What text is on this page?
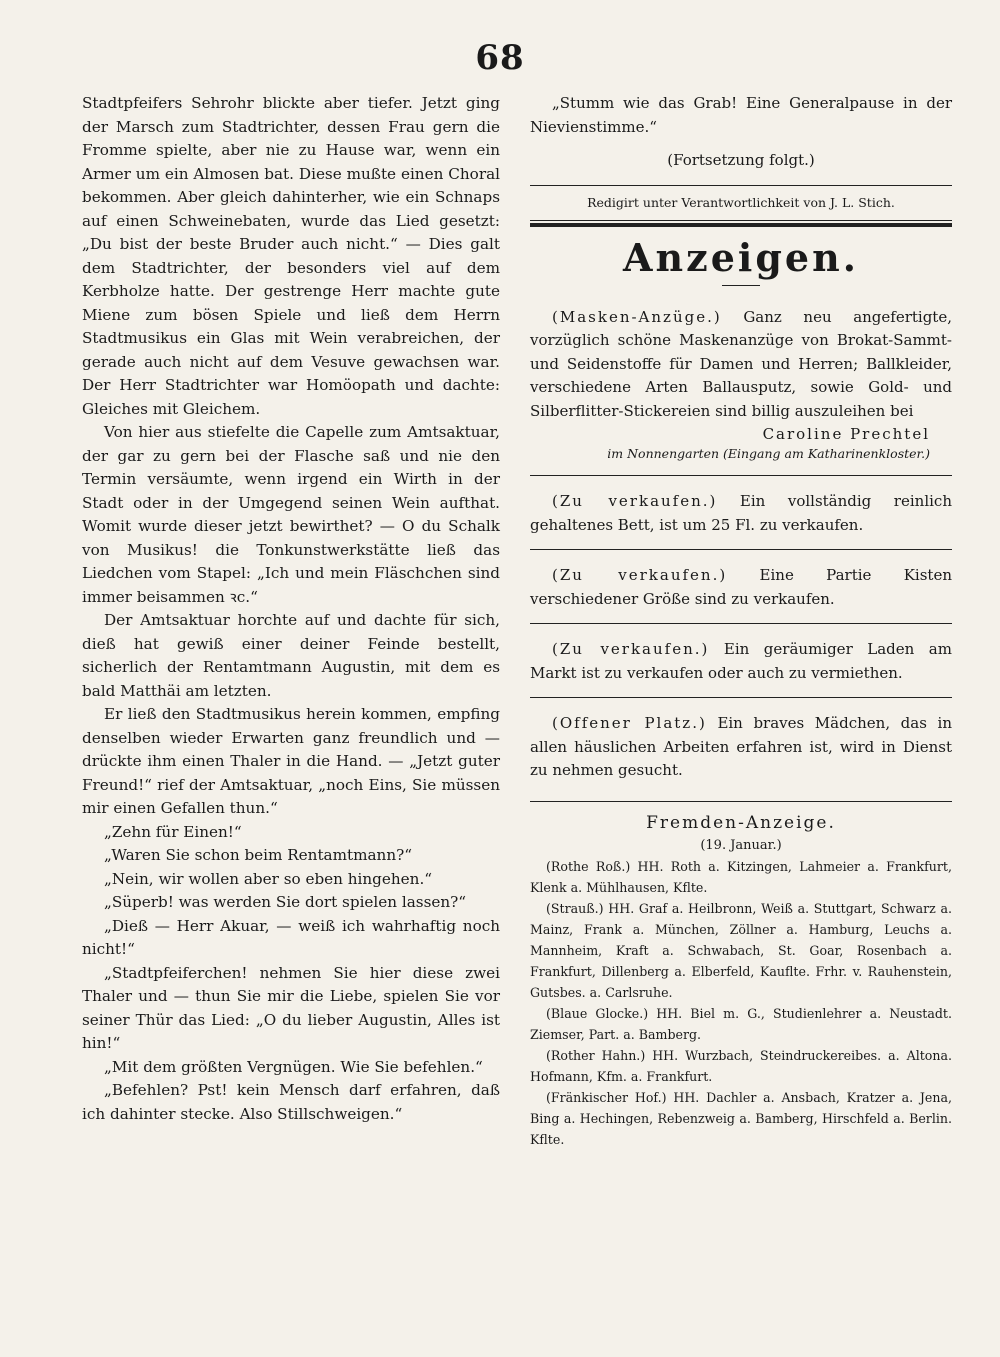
68

Stadtpfeifers Sehrohr blickte aber tiefer. Jetzt ging der Marsch zum Stadtrichter, dessen Frau gern die Fromme spielte, aber nie zu Hause war, wenn ein Armer um ein Almosen bat. Diese mußte einen Choral bekommen. Aber gleich dahinterher, wie ein Schnaps auf einen Schweinebaten, wurde das Lied gesetzt: „Du bist der beste Bruder auch nicht.“ — Dies galt dem Stadtrichter, der besonders viel auf dem Kerbholze hatte. Der gestrenge Herr machte gute Miene zum bösen Spiele und ließ dem Herrn Stadtmusikus ein Glas mit Wein verabreichen, der gerade auch nicht auf dem Vesuve gewachsen war. Der Herr Stadtrichter war Homöopath und dachte: Gleiches mit Gleichem.

Von hier aus stiefelte die Capelle zum Amtsaktuar, der gar zu gern bei der Flasche saß und nie den Termin versäumte, wenn irgend ein Wirth in der Stadt oder in der Umgegend seinen Wein aufthat. Womit wurde dieser jetzt bewirthet? — O du Schalk von Musikus! die Tonkunstwerkstätte ließ das Liedchen vom Stapel: „Ich und mein Fläschchen sind immer beisammen ꝛc.“

Der Amtsaktuar horchte auf und dachte für sich, dieß hat gewiß einer deiner Feinde bestellt, sicherlich der Rentamtmann Augustin, mit dem es bald Matthäi am letzten.

Er ließ den Stadtmusikus herein kommen, empfing denselben wieder Erwarten ganz freundlich und — drückte ihm einen Thaler in die Hand. — „Jetzt guter Freund!“ rief der Amtsaktuar, „noch Eins, Sie müssen mir einen Gefallen thun.“

„Zehn für Einen!“

„Waren Sie schon beim Rentamtmann?“

„Nein, wir wollen aber so eben hingehen.“

„Süperb! was werden Sie dort spielen lassen?“

„Dieß — Herr Akuar, — weiß ich wahrhaftig noch nicht!“

„Stadtpfeiferchen! nehmen Sie hier diese zwei Thaler und — thun Sie mir die Liebe, spielen Sie vor seiner Thür das Lied: „O du lieber Augustin, Alles ist hin!“

„Mit dem größten Vergnügen. Wie Sie befehlen.“

„Befehlen? Pst! kein Mensch darf erfahren, daß ich dahinter stecke. Also Stillschweigen.“

„Stumm wie das Grab! Eine Generalpause in der Nievienstimme.“

(Fortsetzung folgt.)

Redigirt unter Verantwortlichkeit von J. L. Stich.

Anzeigen.

(Masken-Anzüge.) Ganz neu angefertigte, vorzüglich schöne Maskenanzüge von Brokat-Sammt- und Seidenstoffe für Damen und Herren; Ballkleider, verschiedene Arten Ballausputz, sowie Gold- und Silberflitter-Stickereien sind billig auszuleihen bei

Caroline Prechtel
im Nonnengarten (Eingang am Katharinenkloster.)

(Zu verkaufen.) Ein vollständig reinlich gehaltenes Bett, ist um 25 Fl. zu verkaufen.

(Zu verkaufen.) Eine Partie Kisten verschiedener Größe sind zu verkaufen.

(Zu verkaufen.) Ein geräumiger Laden am Markt ist zu verkaufen oder auch zu vermiethen.

(Offener Platz.) Ein braves Mädchen, das in allen häuslichen Arbeiten erfahren ist, wird in Dienst zu nehmen gesucht.

Fremden-Anzeige.
(19. Januar.)

(Rothe Roß.) HH. Roth a. Kitzingen, Lahmeier a. Frankfurt, Klenk a. Mühlhausen, Kflte.

(Strauß.) HH. Graf a. Heilbronn, Weiß a. Stuttgart, Schwarz a. Mainz, Frank a. München, Zöllner a. Hamburg, Leuchs a. Mannheim, Kraft a. Schwabach, St. Goar, Rosenbach a. Frankfurt, Dillenberg a. Elberfeld, Kauflte. Frhr. v. Rauhenstein, Gutsbes. a. Carlsruhe.

(Blaue Glocke.) HH. Biel m. G., Studienlehrer a. Neustadt. Ziemser, Part. a. Bamberg.

(Rother Hahn.) HH. Wurzbach, Steindruckereibes. a. Altona. Hofmann, Kfm. a. Frankfurt.

(Fränkischer Hof.) HH. Dachler a. Ansbach, Kratzer a. Jena, Bing a. Hechingen, Rebenzweig a. Bamberg, Hirschfeld a. Berlin. Kflte.
